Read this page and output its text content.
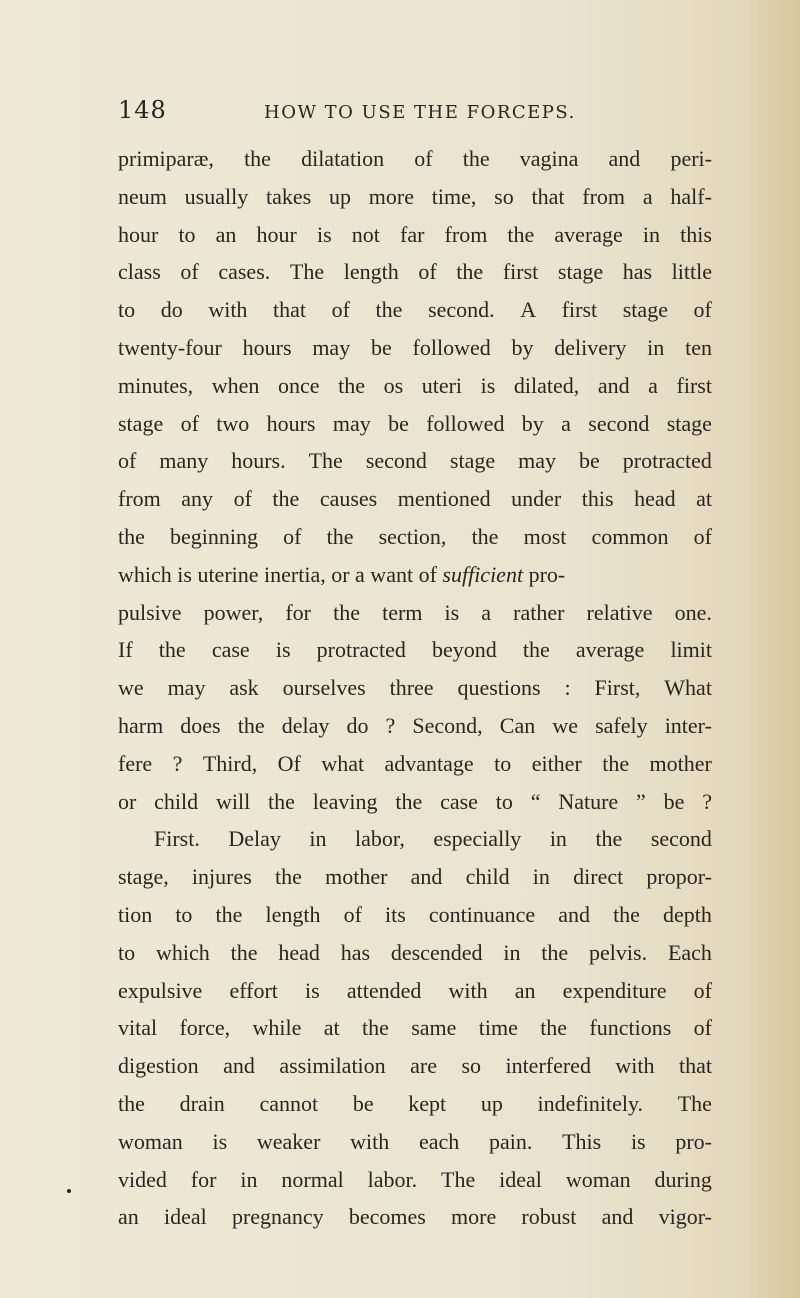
148	HOW TO USE THE FORCEPS.
primiparæ, the dilatation of the vagina and peri-
neum usually takes up more time, so that from a half-
hour to an hour is not far from the average in this
class of cases. The length of the first stage has little
to do with that of the second. A first stage of
twenty-four hours may be followed by delivery in ten
minutes, when once the os uteri is dilated, and a first
stage of two hours may be followed by a second stage
of many hours. The second stage may be protracted
from any of the causes mentioned under this head at
the beginning of the section, the most common of
which is uterine inertia, or a want of
sufficient
pro-
pulsive power, for the term is a rather relative one.
If the case is protracted beyond the average limit
we may ask ourselves three questions : First, What
harm does the delay do ? Second, Can we safely inter-
fere ? Third, Of what advantage to either the mother
or child will the leaving the case to “ Nature ” be ?
First. Delay in labor, especially in the second
stage, injures the mother and child in direct propor-
tion to the length of its continuance and the depth
to which the head has descended in the pelvis. Each
expulsive effort is attended with an expenditure of
vital force, while at the same time the functions of
digestion and assimilation are so interfered with that
the drain cannot be kept up indefinitely. The
woman is weaker with each pain. This is pro-
vided for in normal labor. The ideal woman during
an ideal pregnancy becomes more robust and vigor-
